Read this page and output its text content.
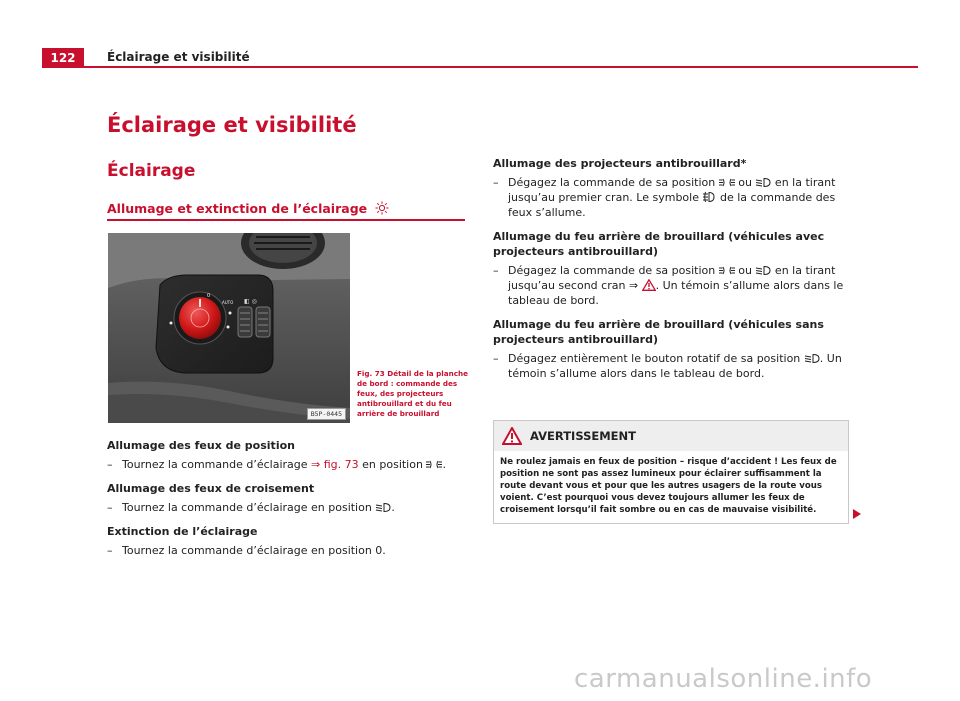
122	Éclairage et visibilité
Éclairage et visibilité
Éclairage
Allumage et extinction de l’éclairage
0
AUTO ◧ ◎
B5P-0445
Fig. 73 Détail de la planche de bord : commande des feux, des projecteurs antibrouillard et du feu arrière de brouillard
Allumage des feux de position
– Tournez la commande d’éclairage ⇒ fig. 73 en position .
Allumage des feux de croisement
– Tournez la commande d’éclairage en position .
Extinction de l’éclairage
– Tournez la commande d’éclairage en position 0.
Allumage des projecteurs antibrouillard*
– Dégagez la commande de sa position  ou  en la tirant jusqu’au premier cran. Le symbole  de la commande des feux s’allume.
Allumage du feu arrière de brouillard (véhicules avec projecteurs antibrouillard)
– Dégagez la commande de sa position  ou  en la tirant jusqu’au second cran ⇒ . Un témoin s’allume alors dans le tableau de bord.
Allumage du feu arrière de brouillard (véhicules sans projecteurs antibrouillard)
– Dégagez entièrement le bouton rotatif de sa position . Un témoin s’allume alors dans le tableau de bord.
AVERTISSEMENT
Ne roulez jamais en feux de position – risque d’accident ! Les feux de position ne sont pas assez lumineux pour éclairer suffisamment la route devant vous et pour que les autres usagers de la route vous voient. C’est pourquoi vous devez toujours allumer les feux de croisement lorsqu’il fait sombre ou en cas de mauvaise visibilité.
carmanualsonline.info
